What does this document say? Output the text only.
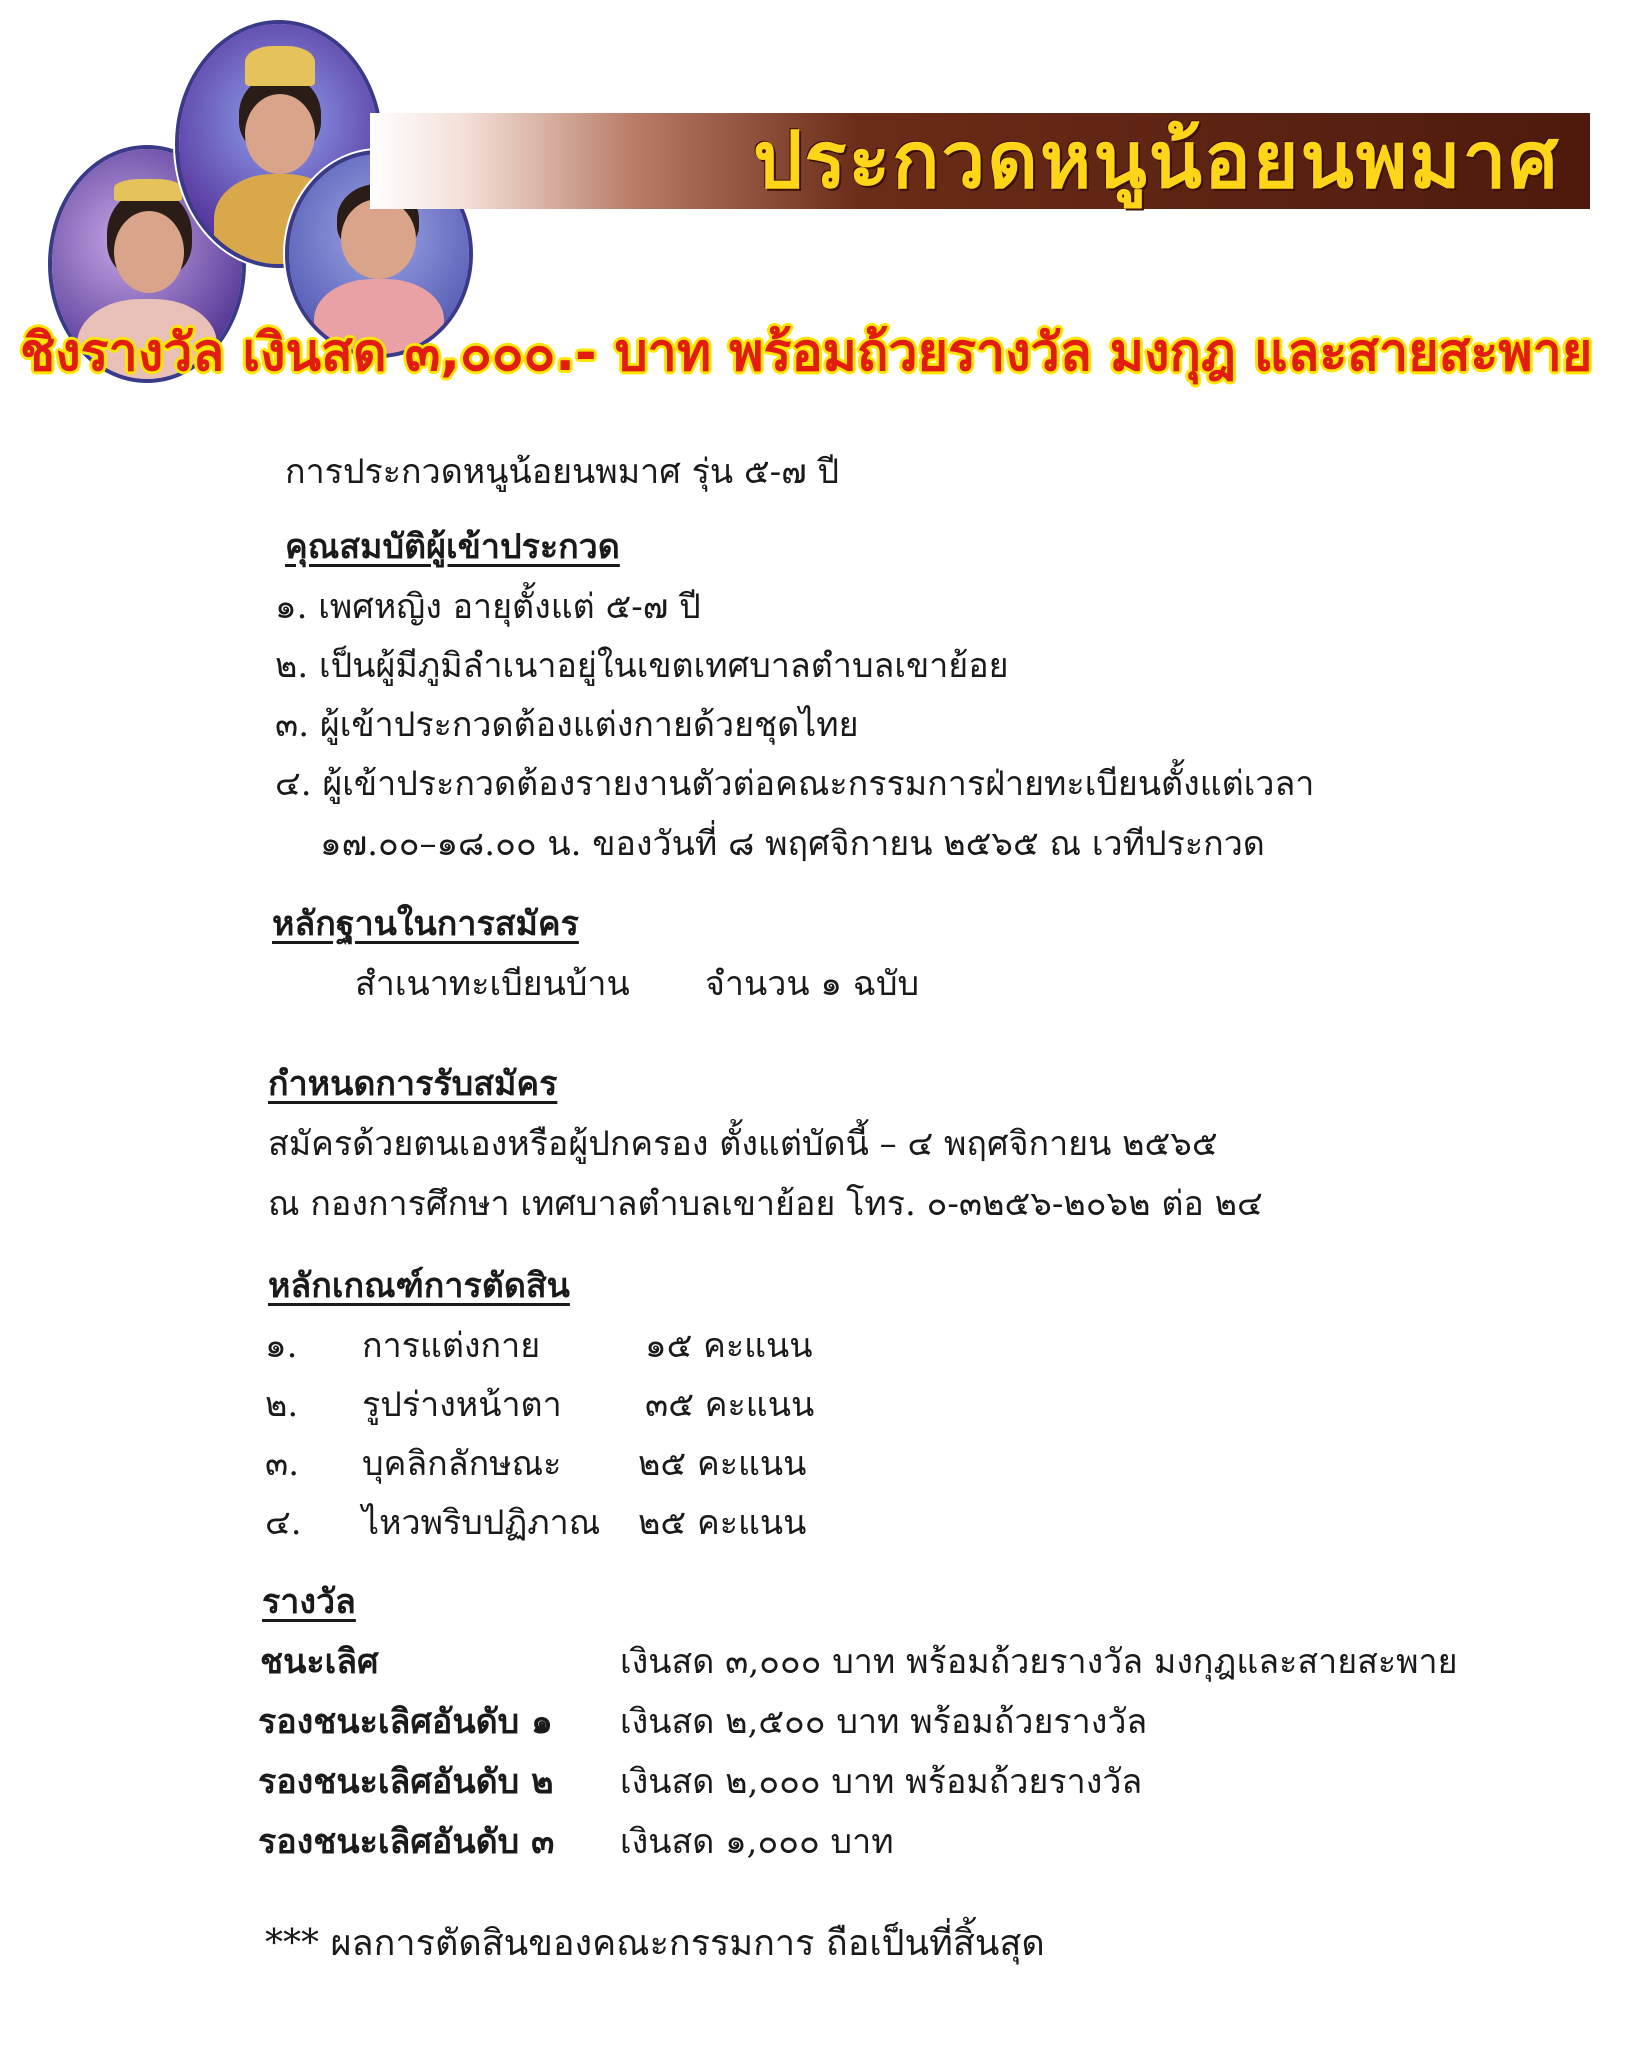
ประกวดหนูน้อยนพมาศ
ชิงรางวัล เงินสด ๓,๐๐๐.- บาท พร้อมถ้วยรางวัล มงกุฎ และสายสะพาย

การประกวดหนูน้อยนพมาศ รุ่น ๕-๗ ปี

คุณสมบัติผู้เข้าประกวด

๑. เพศหญิง อายุตั้งแต่ ๕-๗ ปี

๒. เป็นผู้มีภูมิลำเนาอยู่ในเขตเทศบาลตำบลเขาย้อย

๓. ผู้เข้าประกวดต้องแต่งกายด้วยชุดไทย

๔. ผู้เข้าประกวดต้องรายงานตัวต่อคณะกรรมการฝ่ายทะเบียนตั้งแต่เวลา

๑๗.๐๐–๑๘.๐๐ น. ของวันที่ ๘ พฤศจิกายน ๒๕๖๕ ณ เวทีประกวด

หลักฐานในการสมัคร

สำเนาทะเบียนบ้าน จำนวน ๑ ฉบับ

กำหนดการรับสมัคร

สมัครด้วยตนเองหรือผู้ปกครอง ตั้งแต่บัดนี้ – ๔ พฤศจิกายน ๒๕๖๕

ณ กองการศึกษา เทศบาลตำบลเขาย้อย โทร. ๐-๓๒๕๖-๒๐๖๒ ต่อ ๒๔

หลักเกณฑ์การตัดสิน

๑. การแต่งกาย	๑๕ คะแนน

๒. รูปร่างหน้าตา ๓๕ คะแนน

๓. บุคลิกลักษณะ ๒๕ คะแนน

๔. ไหวพริบปฏิภาณ ๒๕ คะแนน

รางวัล

ชนะเลิศ	เงินสด ๓,๐๐๐ บาท พร้อมถ้วยรางวัล มงกุฎและสายสะพาย

รองชนะเลิศอันดับ ๑ เงินสด ๒,๕๐๐ บาท พร้อมถ้วยรางวัล

รองชนะเลิศอันดับ ๒ เงินสด ๒,๐๐๐ บาท พร้อมถ้วยรางวัล

รองชนะเลิศอันดับ ๓ เงินสด ๑,๐๐๐ บาท

*** ผลการตัดสินของคณะกรรมการ ถือเป็นที่สิ้นสุด
